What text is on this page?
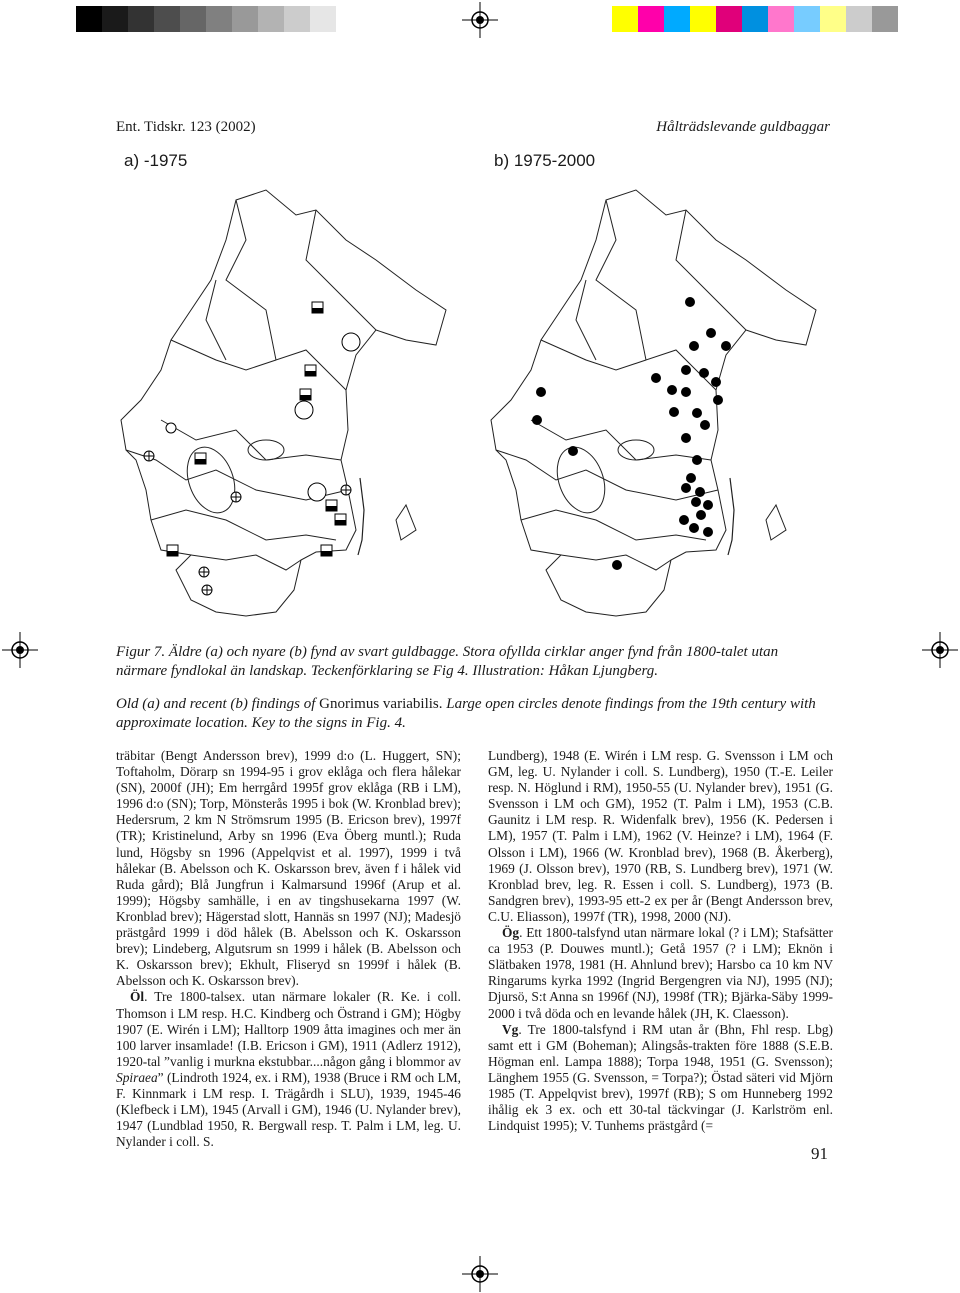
Ent. Tidskr. 123 (2002)	Hålträdslevande guldbaggar
a) -1975	b) 1975-2000
Figur 7. Äldre (a) och nyare (b) fynd av svart guldbagge. Stora ofyllda cirklar anger fynd från 1800-talet utan närmare fyndlokal än landskap. Teckenförklaring se Fig 4. Illustration: Håkan Ljungberg.
Old (a) and recent (b) findings of Gnorimus variabilis. Large open circles denote findings from the 19th century with approximate location. Key to the signs in Fig. 4.

träbitar (Bengt Andersson brev), 1999 d:o (L. Huggert, SN); Toftaholm, Dörarp sn 1994-95 i grov eklåga och flera hålekar (SN), 2000f (JH); Em herrgård 1995f grov eklåga (RB i LM), 1996 d:o (SN); Torp, Mönsterås 1995 i bok (W. Kronblad brev); Hedersrum, 2 km N Strömsrum 1995 (B. Ericson brev), 1997f (TR); Kristinelund, Arby sn 1996 (Eva Öberg muntl.); Ruda lund, Högsby sn 1996 (Appelqvist et al. 1997), 1999 i två hålekar (B. Abelsson och K. Oskarsson brev, även f i hålek vid Ruda gård); Blå Jungfrun i Kalmarsund 1996f (Arup et al. 1999); Högsby samhälle, i en av tingshusekarna 1997 (W. Kronblad brev); Hägerstad slott, Hannäs sn 1997 (NJ); Madesjö prästgård 1999 i död hålek (B. Abelsson och K. Oskarsson brev); Lindeberg, Algutsrum sn 1999 i hålek (B. Abelsson och K. Oskarsson brev); Ekhult, Fliseryd sn 1999f i hålek (B. Abelsson och K. Oskarsson brev).

Öl. Tre 1800-talsex. utan närmare lokaler (R. Ke. i coll. Thomson i LM resp. H.C. Kindberg och Östrand i GM); Högby 1907 (E. Wirén i LM); Halltorp 1909 åtta imagines och mer än 100 larver insamlade! (I.B. Ericson i GM), 1911 (Adlerz 1912), 1920-tal ”vanlig i murkna ekstubbar....någon gång i blommor av Spiraea” (Lindroth 1924, ex. i RM), 1938 (Bruce i RM och LM, F. Kinnmark i LM resp. I. Trägårdh i SLU), 1939, 1945-46 (Klefbeck i LM), 1945 (Arvall i GM), 1946 (U. Nylander brev), 1947 (Lundblad 1950, R. Bergwall resp. T. Palm i LM, leg. U. Nylander i coll. S.

Lundberg), 1948 (E. Wirén i LM resp. G. Svensson i LM och GM, leg. U. Nylander i coll. S. Lundberg), 1950 (T.-E. Leiler resp. N. Höglund i RM), 1950-55 (U. Nylander brev), 1951 (G. Svensson i LM och GM), 1952 (T. Palm i LM), 1953 (C.B. Gaunitz i LM resp. R. Widenfalk brev), 1956 (K. Pedersen i LM), 1957 (T. Palm i LM), 1962 (V. Heinze? i LM), 1964 (F. Olsson i LM), 1966 (W. Kronblad brev), 1968 (B. Åkerberg), 1969 (J. Olsson brev), 1970 (RB, S. Lundberg brev), 1971 (W. Kronblad brev, leg. R. Essen i coll. S. Lundberg), 1973 (B. Sandgren brev), 1993-95 ett-2 ex per år (Bengt Andersson brev, C.U. Eliasson), 1997f (TR), 1998, 2000 (NJ).

Ög. Ett 1800-talsfynd utan närmare lokal (? i LM); Stafsätter ca 1953 (P. Douwes muntl.); Getå 1957 (? i LM); Eknön i Slätbaken 1978, 1981 (H. Ahnlund brev); Harsbo ca 10 km NV Ringarums kyrka 1992 (Ingrid Bergengren via NJ), 1995 (NJ); Djursö, S:t Anna sn 1996f (NJ), 1998f (TR); Bjärka-Säby 1999-2000 i två döda och en levande hålek (JH, K. Claesson).

Vg. Tre 1800-talsfynd i RM utan år (Bhn, Fhl resp. Lbg) samt ett i GM (Boheman); Alingsås-trakten före 1888 (S.E.B. Högman enl. Lampa 1888); Torpa 1948, 1951 (G. Svensson); Länghem 1955 (G. Svensson, = Torpa?); Östad säteri vid Mjörn 1985 (T. Appelqvist brev), 1997f (RB); S om Hunneberg 1992 ihålig ek 3 ex. och ett 30-tal täckvingar (J. Karlström enl. Lindquist 1995); V. Tunhems prästgård (=

91
